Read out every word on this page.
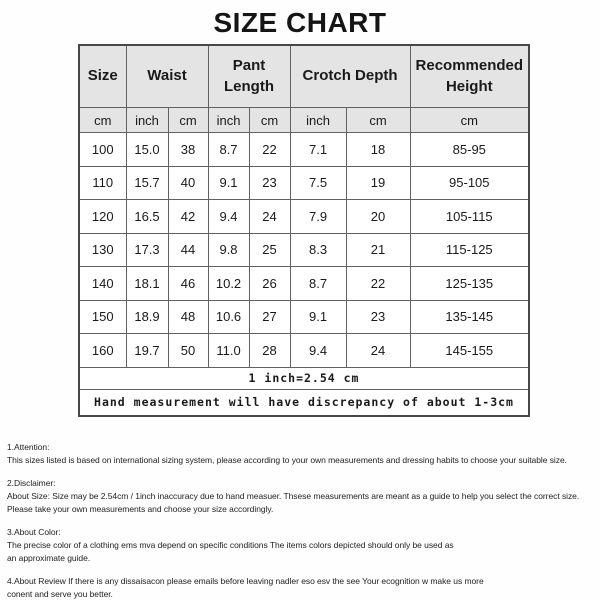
SIZE CHART
Size	Waist		Pant Length		Crotch Depth		Recommended Height
cm	inch	cm	inch	cm	inch	cm	cm
100	15.0	38	8.7	22	7.1	18	85-95
110	15.7	40	9.1	23	7.5	19	95-105
120	16.5	42	9.4	24	7.9	20	105-115
130	17.3	44	9.8	25	8.3	21	115-125
140	18.1	46	10.2	26	8.7	22	125-135
150	18.9	48	10.6	27	9.1	23	135-145
160	19.7	50	11.0	28	9.4	24	145-155
1 inch=2.54 cm							
Hand measurement will have discrepancy of about 1-3cm							
1.Attention:
This sizes listed is based on international sizing system, please according to your own measurements and dressing habits to choose your suitable size.
2.Disclaimer:
About Size: Size may be 2.54cm / 1inch inaccuracy due to hand measuer. Thsese measurements are meant as a guide to help you select the correct size.
Please take your own measurements and choose your size accordingly.
3.About Color:
The precise color of a clothing ems mva depend on specific conditions The items colors depicted should only be used as
an approximate guide.
4.About Review If there is any dissaisacon please emails before leaving nadler eso esv the see Your ecognition w make us more
conent and serve you better.
